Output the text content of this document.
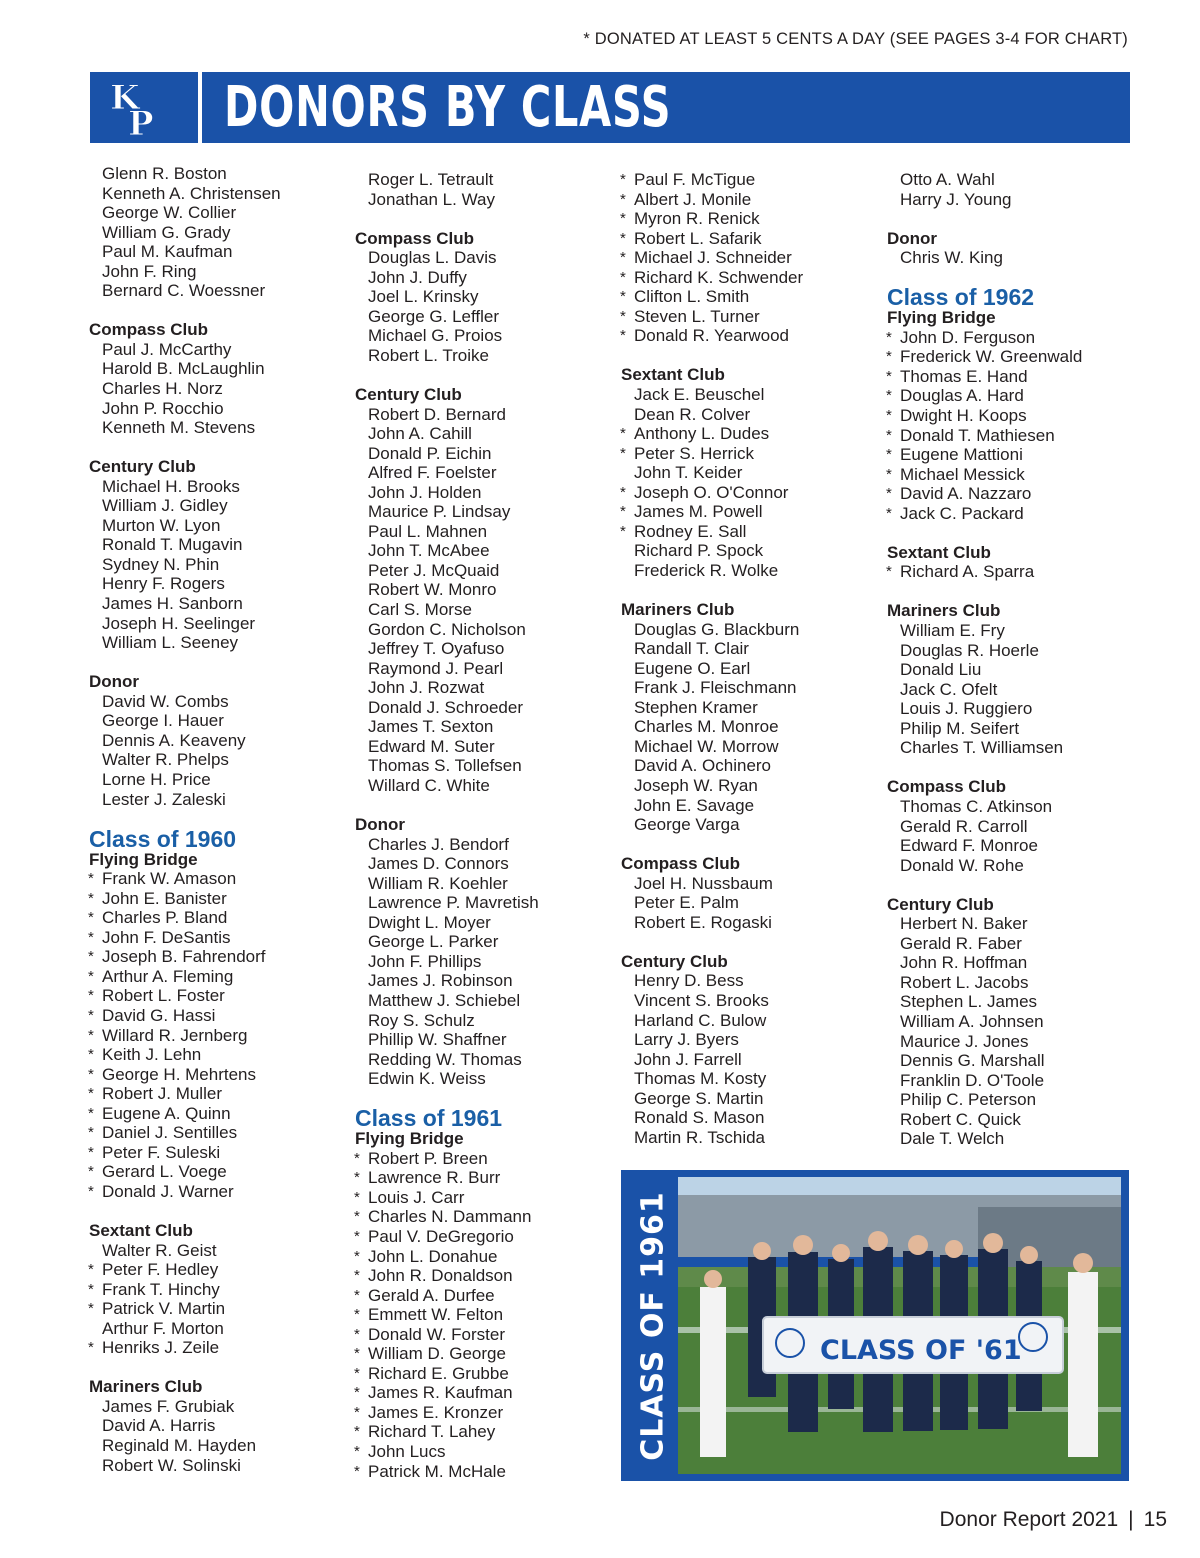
* DONATED AT LEAST 5 CENTS A DAY (SEE PAGES 3-4 FOR CHART)
K
P DONORS BY CLASS
Glenn R. Boston
Kenneth A. Christensen
George W. Collier
William G. Grady
Paul M. Kaufman
John F. Ring
Bernard C. Woessner
Compass Club
Paul J. McCarthy
Harold B. McLaughlin
Charles H. Norz
John P. Rocchio
Kenneth M. Stevens
Century Club
Michael H. Brooks
William J. Gidley
Murton W. Lyon
Ronald T. Mugavin
Sydney N. Phin
Henry F. Rogers
James H. Sanborn
Joseph H. Seelinger
William L. Seeney
Donor
David W. Combs
George I. Hauer
Dennis A. Keaveny
Walter R. Phelps
Lorne H. Price
Lester J. Zaleski
Class of 1960
Flying Bridge
* Frank W. Amason
* John E. Banister
* Charles P. Bland
* John F. DeSantis
* Joseph B. Fahrendorf
* Arthur A. Fleming
* Robert L. Foster
* David G. Hassi
* Willard R. Jernberg
* Keith J. Lehn
* George H. Mehrtens
* Robert J. Muller
* Eugene A. Quinn
* Daniel J. Sentilles
* Peter F. Suleski
* Gerard L. Voege
* Donald J. Warner
Sextant Club
Walter R. Geist
* Peter F. Hedley
* Frank T. Hinchy
* Patrick V. Martin
Arthur F. Morton
* Henriks J. Zeile
Mariners Club
James F. Grubiak
David A. Harris
Reginald M. Hayden
Robert W. Solinski
Roger L. Tetrault
Jonathan L. Way
Compass Club
Douglas L. Davis
John J. Duffy
Joel L. Krinsky
George G. Leffler
Michael G. Proios
Robert L. Troike
Century Club
Robert D. Bernard
John A. Cahill
Donald P. Eichin
Alfred F. Foelster
John J. Holden
Maurice P. Lindsay
Paul L. Mahnen
John T. McAbee
Peter J. McQuaid
Robert W. Monro
Carl S. Morse
Gordon C. Nicholson
Jeffrey T. Oyafuso
Raymond J. Pearl
John J. Rozwat
Donald J. Schroeder
James T. Sexton
Edward M. Suter
Thomas S. Tollefsen
Willard C. White
Donor
Charles J. Bendorf
James D. Connors
William R. Koehler
Lawrence P. Mavretish
Dwight L. Moyer
George L. Parker
John F. Phillips
James J. Robinson
Matthew J. Schiebel
Roy S. Schulz
Phillip W. Shaffner
Redding W. Thomas
Edwin K. Weiss
Class of 1961
Flying Bridge
* Robert P. Breen
* Lawrence R. Burr
* Louis J. Carr
* Charles N. Dammann
* Paul V. DeGregorio
* John L. Donahue
* John R. Donaldson
* Gerald A. Durfee
* Emmett W. Felton
* Donald W. Forster
* William D. George
* Richard E. Grubbe
* James R. Kaufman
* James E. Kronzer
* Richard T. Lahey
* John Lucs
* Patrick M. McHale
* Paul F. McTigue
* Albert J. Monile
* Myron R. Renick
* Robert L. Safarik
* Michael J. Schneider
* Richard K. Schwender
* Clifton L. Smith
* Steven L. Turner
* Donald R. Yearwood
Sextant Club
Jack E. Beuschel
Dean R. Colver
* Anthony L. Dudes
* Peter S. Herrick
John T. Keider
* Joseph O. O'Connor
* James M. Powell
* Rodney E. Sall
Richard P. Spock
Frederick R. Wolke
Mariners Club
Douglas G. Blackburn
Randall T. Clair
Eugene O. Earl
Frank J. Fleischmann
Stephen Kramer
Charles M. Monroe
Michael W. Morrow
David A. Ochinero
Joseph W. Ryan
John E. Savage
George Varga
Compass Club
Joel H. Nussbaum
Peter E. Palm
Robert E. Rogaski
Century Club
Henry D. Bess
Vincent S. Brooks
Harland C. Bulow
Larry J. Byers
John J. Farrell
Thomas M. Kosty
George S. Martin
Ronald S. Mason
Martin R. Tschida
Otto A. Wahl
Harry J. Young
Donor
Chris W. King
Class of 1962
Flying Bridge
* John D. Ferguson
* Frederick W. Greenwald
* Thomas E. Hand
* Douglas A. Hard
* Dwight H. Koops
* Donald T. Mathiesen
* Eugene Mattioni
* Michael Messick
* David A. Nazzaro
* Jack C. Packard
Sextant Club
* Richard A. Sparra
Mariners Club
William E. Fry
Douglas R. Hoerle
Donald Liu
Jack C. Ofelt
Louis J. Ruggiero
Philip M. Seifert
Charles T. Williamsen
Compass Club
Thomas C. Atkinson
Gerald R. Carroll
Edward F. Monroe
Donald W. Rohe
Century Club
Herbert N. Baker
Gerald R. Faber
John R. Hoffman
Robert L. Jacobs
Stephen L. James
William A. Johnsen
Maurice J. Jones
Dennis G. Marshall
Franklin D. O'Toole
Philip C. Peterson
Robert C. Quick
Dale T. Welch
CLASS OF 1961	CLASS OF '61
Donor Report 2021 | 15
